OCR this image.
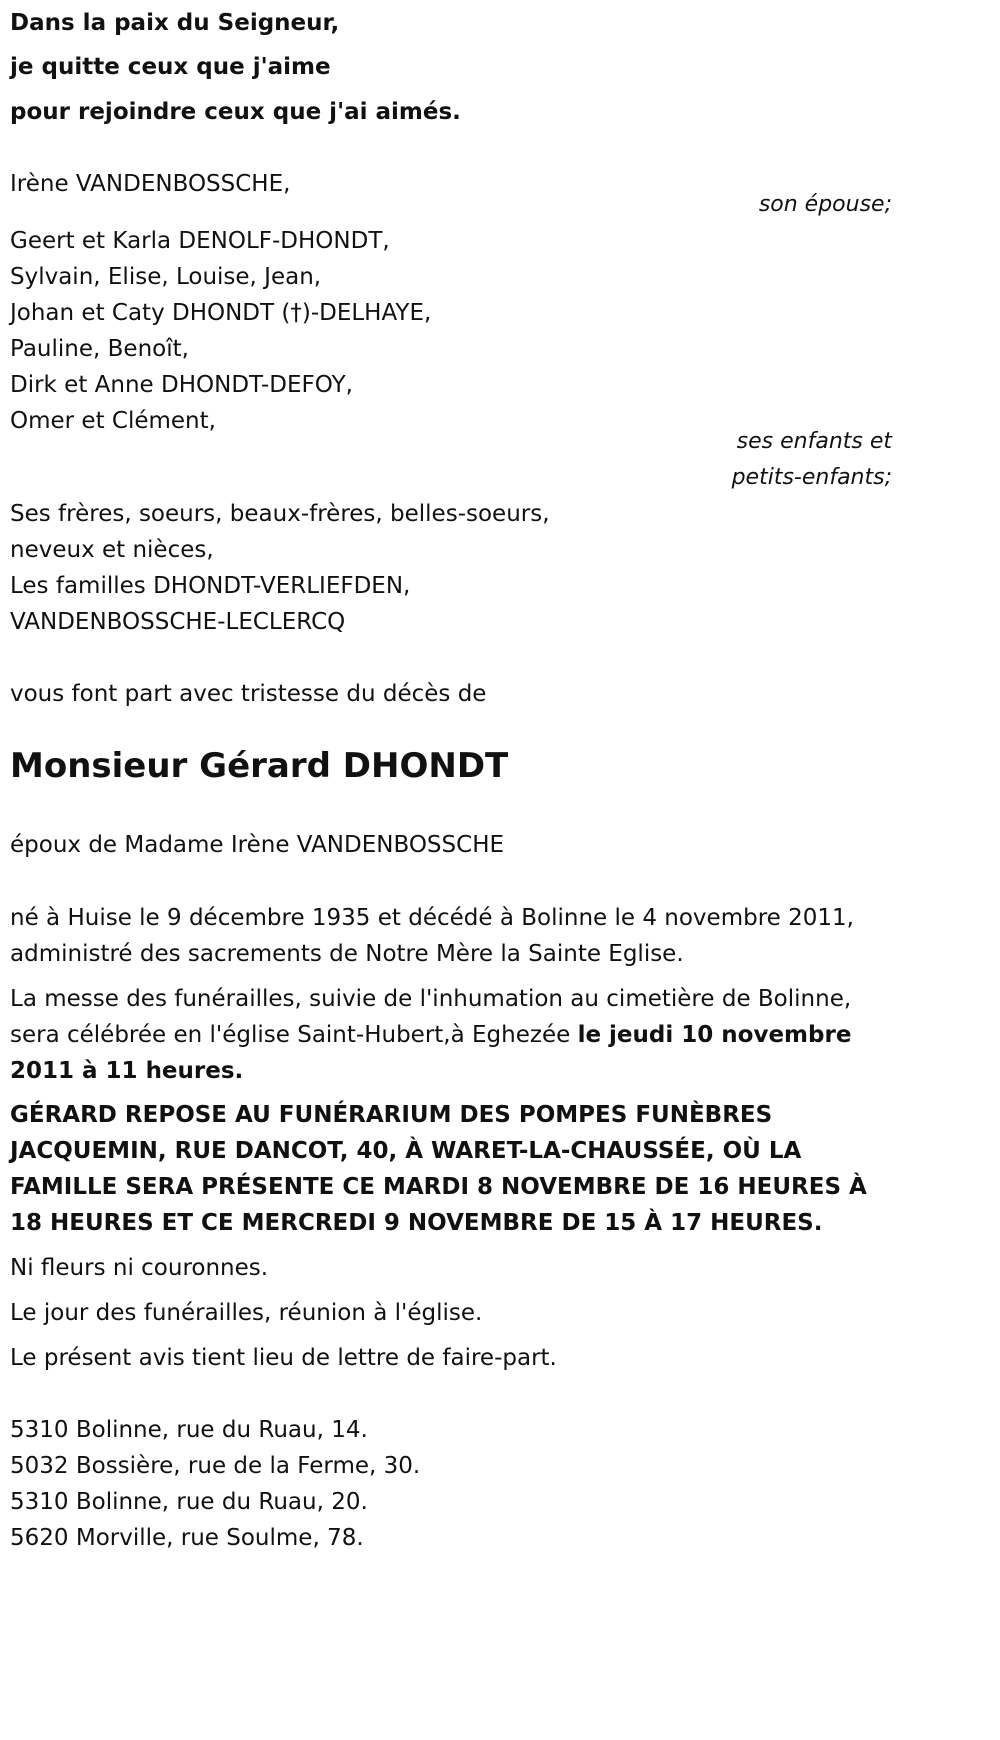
Dans la paix du Seigneur,
je quitte ceux que j'aime
pour rejoindre ceux que j'ai aimés.
Irène VANDENBOSSCHE,
son épouse;
Geert et Karla DENOLF-DHONDT,
Sylvain, Elise, Louise, Jean,
Johan et Caty DHONDT (†)-DELHAYE,
Pauline, Benoît,
Dirk et Anne DHONDT-DEFOY,
Omer et Clément,
ses enfants et
petits-enfants;
Ses frères, soeurs, beaux-frères, belles-soeurs,
neveux et nièces,
Les familles DHONDT-VERLIEFDEN,
VANDENBOSSCHE-LECLERCQ
vous font part avec tristesse du décès de
Monsieur Gérard DHONDT
époux de Madame Irène VANDENBOSSCHE
né à Huise le 9 décembre 1935 et décédé à Bolinne le 4 novembre 2011,
administré des sacrements de Notre Mère la Sainte Eglise.
La messe des funérailles, suivie de l'inhumation au cimetière de Bolinne, sera célébrée en l'église Saint-Hubert,à Eghezée le jeudi 10 novembre 2011 à 11 heures.
GÉRARD REPOSE AU FUNÉRARIUM DES POMPES FUNÈBRES JACQUEMIN, RUE DANCOT, 40, À WARET-LA-CHAUSSÉE, OÙ LA FAMILLE SERA PRÉSENTE CE MARDI 8 NOVEMBRE DE 16 HEURES À 18 HEURES ET CE MERCREDI 9 NOVEMBRE DE 15 À 17 HEURES.
Ni fleurs ni couronnes.
Le jour des funérailles, réunion à l'église.
Le présent avis tient lieu de lettre de faire-part.
5310 Bolinne, rue du Ruau, 14.
5032 Bossière, rue de la Ferme, 30.
5310 Bolinne, rue du Ruau, 20.
5620 Morville, rue Soulme, 78.
